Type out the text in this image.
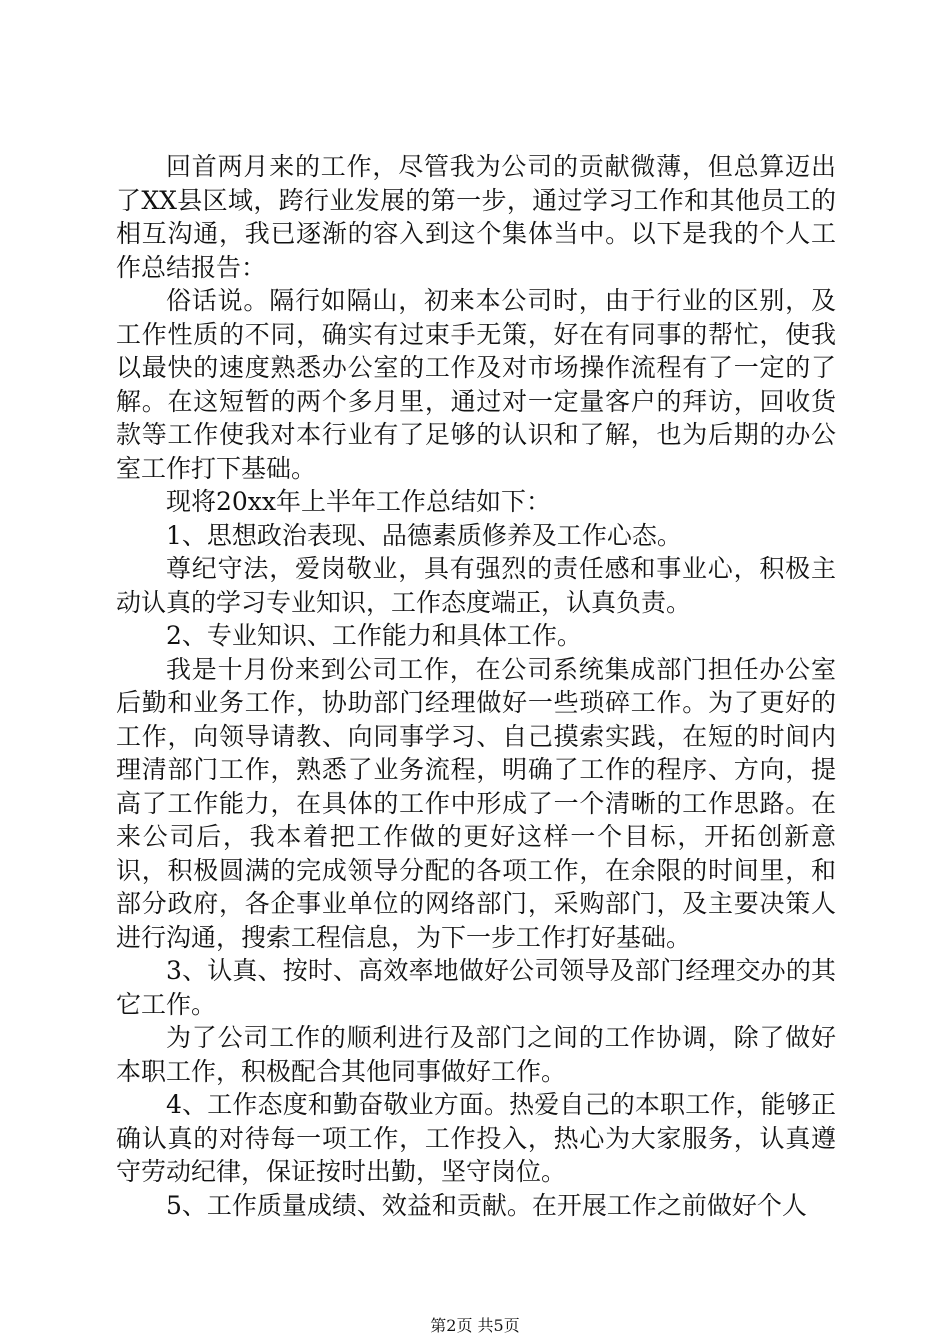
回首两月来的工作，尽管我为公司的贡献微薄，但总算迈出了XX县区域，跨行业发展的第一步，通过学习工作和其他员工的相互沟通，我已逐渐的容入到这个集体当中。以下是我的个人工作总结报告：

俗话说。隔行如隔山，初来本公司时，由于行业的区别，及工作性质的不同，确实有过束手无策，好在有同事的帮忙，使我以最快的速度熟悉办公室的工作及对市场操作流程有了一定的了解。在这短暂的两个多月里，通过对一定量客户的拜访，回收货款等工作使我对本行业有了足够的认识和了解，也为后期的办公室工作打下基础。

现将20xx年上半年工作总结如下：

1、思想政治表现、品德素质修养及工作心态。

尊纪守法，爱岗敬业，具有强烈的责任感和事业心，积极主动认真的学习专业知识，工作态度端正，认真负责。

2、专业知识、工作能力和具体工作。

我是十月份来到公司工作，在公司系统集成部门担任办公室后勤和业务工作，协助部门经理做好一些琐碎工作。为了更好的工作，向领导请教、向同事学习、自己摸索实践，在短的时间内理清部门工作，熟悉了业务流程，明确了工作的程序、方向，提高了工作能力，在具体的工作中形成了一个清晰的工作思路。在来公司后，我本着把工作做的更好这样一个目标，开拓创新意识，积极圆满的完成领导分配的各项工作，在余限的时间里，和部分政府，各企事业单位的网络部门，采购部门，及主要决策人进行沟通，搜索工程信息，为下一步工作打好基础。

3、认真、按时、高效率地做好公司领导及部门经理交办的其它工作。

为了公司工作的顺利进行及部门之间的工作协调，除了做好本职工作，积极配合其他同事做好工作。

4、工作态度和勤奋敬业方面。热爱自己的本职工作，能够正确认真的对待每一项工作，工作投入，热心为大家服务，认真遵守劳动纪律，保证按时出勤，坚守岗位。

5、工作质量成绩、效益和贡献。在开展工作之前做好个人

第2页 共5页
